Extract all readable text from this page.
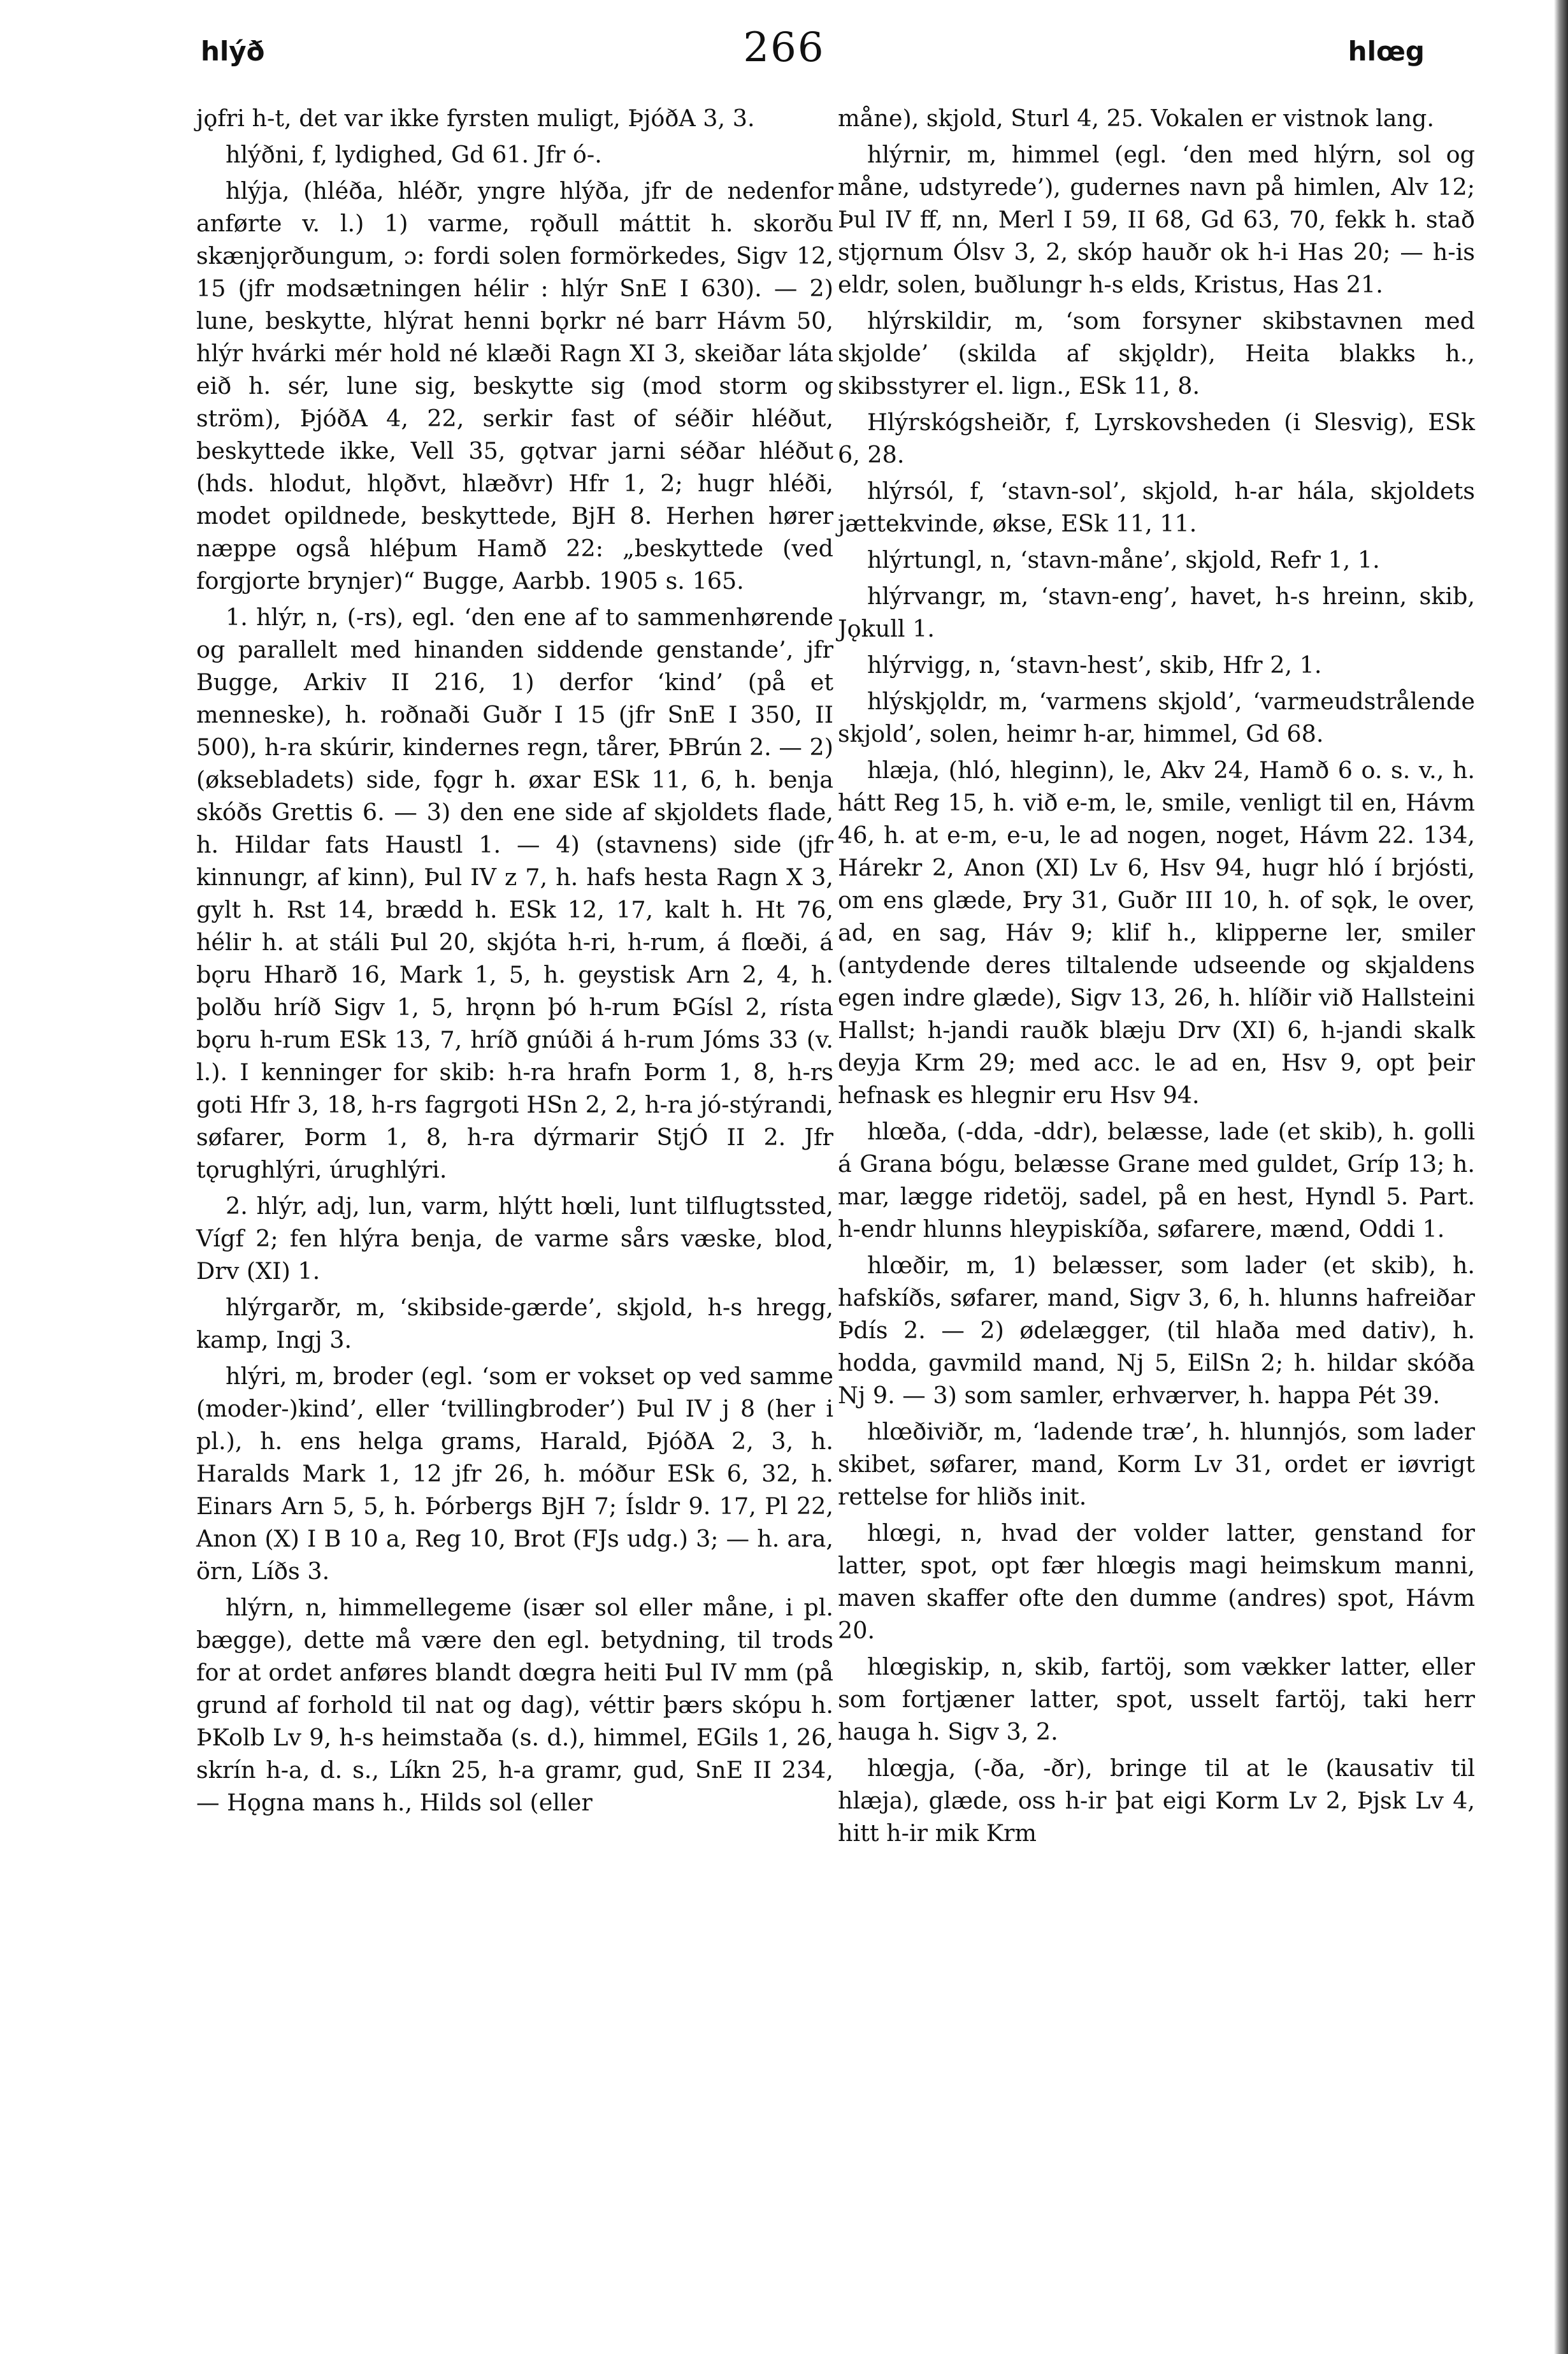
hlýð	266	hlœg

jǫfri h-t, det var ikke fyrsten muligt, ÞjóðA 3, 3.

hlýðni, f, lydighed, Gd 61. Jfr ó-.

hlýja, (hléða, hléðr, yngre hlýða, jfr de nedenfor anførte v. l.) 1) varme, rǫðull máttit h. skorðu skænjǫrðungum, ɔ: fordi solen formörkedes, Sigv 12, 15 (jfr modsætningen hélir : hlýr SnE I 630). — 2) lune, beskytte, hlýrat henni bǫrkr né barr Hávm 50, hlýr hvárki mér hold né klæði Ragn XI 3, skeiðar láta eið h. sér, lune sig, beskytte sig (mod storm og ström), ÞjóðA 4, 22, serkir fast of séðir hléðut, beskyttede ikke, Vell 35, gǫtvar jarni séðar hléðut (hds. hlodut, hlǫðvt, hlæðvr) Hfr 1, 2; hugr hléði, modet opildnede, beskyttede, BjH 8. Herhen hører næppe også hléþum Hamð 22: „beskyttede (ved forgjorte brynjer)“ Bugge, Aarbb. 1905 s. 165.

1. hlýr, n, (-rs), egl. ‘den ene af to sammenhørende og parallelt med hinanden siddende genstande’, jfr Bugge, Arkiv II 216, 1) derfor ‘kind’ (på et menneske), h. roðnaði Guðr I 15 (jfr SnE I 350, II 500), h-ra skúrir, kindernes regn, tårer, ÞBrún 2. — 2) (øksebladets) side, fǫgr h. øxar ESk 11, 6, h. benja skóðs Grettis 6. — 3) den ene side af skjoldets flade, h. Hildar fats Haustl 1. — 4) (stavnens) side (jfr kinnungr, af kinn), Þul IV z 7, h. hafs hesta Ragn X 3, gylt h. Rst 14, brædd h. ESk 12, 17, kalt h. Ht 76, hélir h. at stáli Þul 20, skjóta h-ri, h-rum, á flœði, á bǫru Hharð 16, Mark 1, 5, h. geystisk Arn 2, 4, h. þolðu hríð Sigv 1, 5, hrǫnn þó h-rum ÞGísl 2, rísta bǫru h-rum ESk 13, 7, hríð gnúði á h-rum Jóms 33 (v. l.). I kenninger for skib: h-ra hrafn Þorm 1, 8, h-rs goti Hfr 3, 18, h-rs fagrgoti HSn 2, 2, h-ra jó-stýrandi, søfarer, Þorm 1, 8, h-ra dýrmarir StjÓ II 2. Jfr tǫrughlýri, úrughlýri.

2. hlýr, adj, lun, varm, hlýtt hœli, lunt tilflugtssted, Vígf 2; fen hlýra benja, de varme sårs væske, blod, Drv (XI) 1.

hlýrgarðr, m, ‘skibside-gærde’, skjold, h-s hregg, kamp, Ingj 3.

hlýri, m, broder (egl. ‘som er vokset op ved samme (moder-)kind’, eller ‘tvillingbroder’) Þul IV j 8 (her i pl.), h. ens helga grams, Harald, ÞjóðA 2, 3, h. Haralds Mark 1, 12 jfr 26, h. móður ESk 6, 32, h. Einars Arn 5, 5, h. Þórbergs BjH 7; Ísldr 9. 17, Pl 22, Anon (X) I B 10 a, Reg 10, Brot (FJs udg.) 3; — h. ara, örn, Líðs 3.

hlýrn, n, himmellegeme (især sol eller måne, i pl. bægge), dette må være den egl. betydning, til trods for at ordet anføres blandt dœgra heiti Þul IV mm (på grund af forhold til nat og dag), véttir þærs skópu h. ÞKolb Lv 9, h-s heimstaða (s. d.), himmel, EGils 1, 26, skrín h-a, d. s., Líkn 25, h-a gramr, gud, SnE II 234, — Hǫgna mans h., Hilds sol (eller

måne), skjold, Sturl 4, 25. Vokalen er vistnok lang.

hlýrnir, m, himmel (egl. ‘den med hlýrn, sol og måne, udstyrede’), gudernes navn på himlen, Alv 12; Þul IV ff, nn, Merl I 59, II 68, Gd 63, 70, fekk h. stað stjǫrnum Ólsv 3, 2, skóp hauðr ok h-i Has 20; — h-is eldr, solen, buðlungr h-s elds, Kristus, Has 21.

hlýrskildir, m, ‘som forsyner skibstavnen med skjolde’ (skilda af skjǫldr), Heita blakks h., skibsstyrer el. lign., ESk 11, 8.

Hlýrskógsheiðr, f, Lyrskovsheden (i Slesvig), ESk 6, 28.

hlýrsól, f, ‘stavn-sol’, skjold, h-ar hála, skjoldets jættekvinde, økse, ESk 11, 11.

hlýrtungl, n, ‘stavn-måne’, skjold, Refr 1, 1.

hlýrvangr, m, ‘stavn-eng’, havet, h-s hreinn, skib, Jǫkull 1.

hlýrvigg, n, ‘stavn-hest’, skib, Hfr 2, 1.

hlýskjǫldr, m, ‘varmens skjold’, ‘varmeudstrålende skjold’, solen, heimr h-ar, himmel, Gd 68.

hlæja, (hló, hleginn), le, Akv 24, Hamð 6 o. s. v., h. hátt Reg 15, h. við e-m, le, smile, venligt til en, Hávm 46, h. at e-m, e-u, le ad nogen, noget, Hávm 22. 134, Hárekr 2, Anon (XI) Lv 6, Hsv 94, hugr hló í brjósti, om ens glæde, Þry 31, Guðr III 10, h. of sǫk, le over, ad, en sag, Háv 9; klif h., klipperne ler, smiler (antydende deres tiltalende udseende og skjaldens egen indre glæde), Sigv 13, 26, h. hlíðir við Hallsteini Hallst; h-jandi rauðk blæju Drv (XI) 6, h-jandi skalk deyja Krm 29; med acc. le ad en, Hsv 9, opt þeir hefnask es hlegnir eru Hsv 94.

hlœða, (-dda, -ddr), belæsse, lade (et skib), h. golli á Grana bógu, belæsse Grane med guldet, Gríp 13; h. mar, lægge ridetöj, sadel, på en hest, Hyndl 5. Part. h-endr hlunns hleypiskíða, søfarere, mænd, Oddi 1.

hlœðir, m, 1) belæsser, som lader (et skib), h. hafskíðs, søfarer, mand, Sigv 3, 6, h. hlunns hafreiðar Þdís 2. — 2) ødelægger, (til hlaða med dativ), h. hodda, gavmild mand, Nj 5, EilSn 2; h. hildar skóða Nj 9. — 3) som samler, erhværver, h. happa Pét 39.

hlœðiviðr, m, ‘ladende træ’, h. hlunnjós, som lader skibet, søfarer, mand, Korm Lv 31, ordet er iøvrigt rettelse for hliðs init.

hlœgi, n, hvad der volder latter, genstand for latter, spot, opt fær hlœgis magi heimskum manni, maven skaffer ofte den dumme (andres) spot, Hávm 20.

hlœgiskip, n, skib, fartöj, som vækker latter, eller som fortjæner latter, spot, usselt fartöj, taki herr hauga h. Sigv 3, 2.

hlœgja, (-ða, -ðr), bringe til at le (kausativ til hlæja), glæde, oss h-ir þat eigi Korm Lv 2, Þjsk Lv 4, hitt h-ir mik Krm
